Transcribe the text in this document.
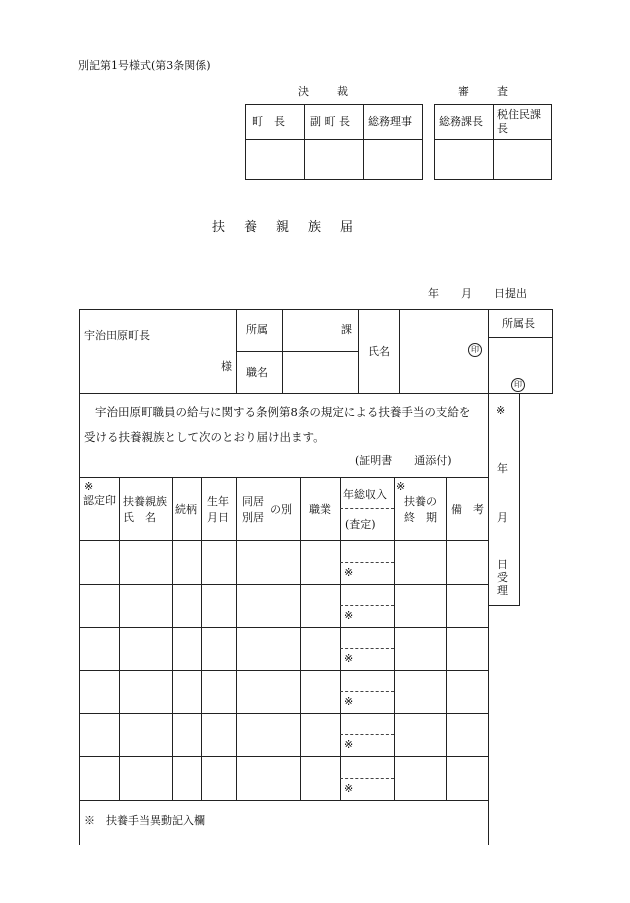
別記第1号様式(第3条関係)
決　　裁
町　長 副 町 長 総務理事
審　　査
総務課長
税住民課長
扶　養　親　族　届
年　　月　　日提出
宇治田原町長
様
所属	課
職名
氏名	印
所属長
印
※
年
月
日受理
宇治田原町職員の給与に関する条例第8条の規定による扶養手当の支給を
受ける扶養親族として次のとおり届け出ます。
(証明書　　通添付)
※
認定印 扶養親族
氏　名
続柄
生年
月日
同居
別居
の別 職業
年総収入
(査定)
※
扶養の
終　期
備　考
※
※
※
※
※
※
※　扶養手当異動記入欄
